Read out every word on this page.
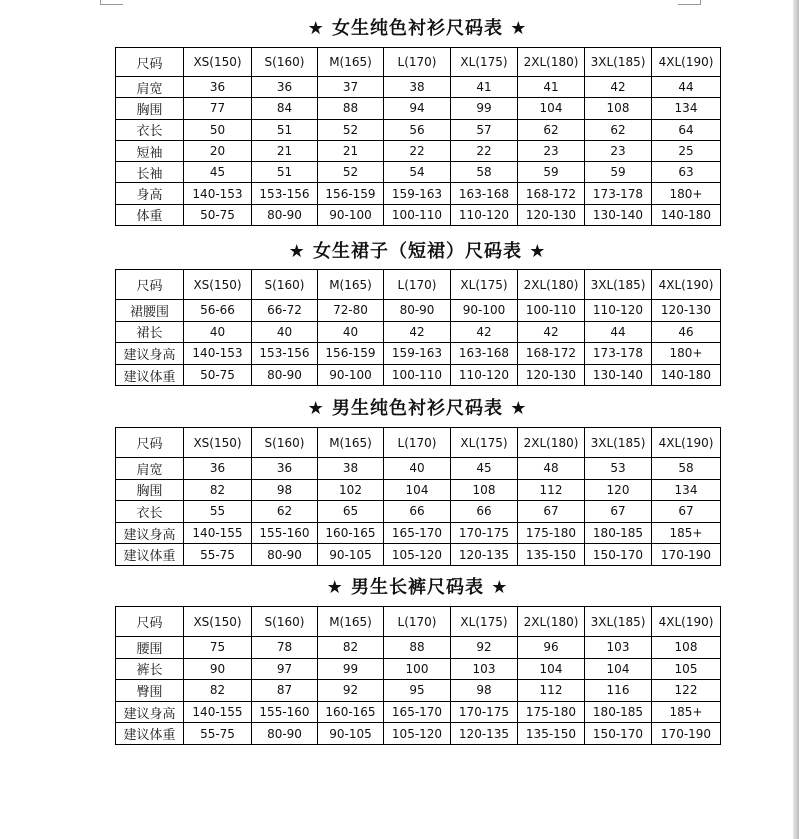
★ 女生纯色衬衫尺码表 ★
尺码	XS(150)	S(160)	M(165)	L(170)	XL(175)	2XL(180)	3XL(185)	4XL(190)
肩宽	36	36	37	38	41	41	42	44
胸围	77	84	88	94	99	104	108	134
衣长	50	51	52	56	57	62	62	64
短袖	20	21	21	22	22	23	23	25
长袖	45	51	52	54	58	59	59	63
身高	140-153	153-156	156-159	159-163	163-168	168-172	173-178	180+
体重	50-75	80-90	90-100	100-110	110-120	120-130	130-140	140-180
★ 女生裙子（短裙）尺码表 ★
尺码	XS(150)	S(160)	M(165)	L(170)	XL(175)	2XL(180)	3XL(185)	4XL(190)
裙腰围	56-66	66-72	72-80	80-90	90-100	100-110	110-120	120-130
裙长	40	40	40	42	42	42	44	46
建议身高	140-153	153-156	156-159	159-163	163-168	168-172	173-178	180+
建议体重	50-75	80-90	90-100	100-110	110-120	120-130	130-140	140-180
★ 男生纯色衬衫尺码表 ★
尺码	XS(150)	S(160)	M(165)	L(170)	XL(175)	2XL(180)	3XL(185)	4XL(190)
肩宽	36	36	38	40	45	48	53	58
胸围	82	98	102	104	108	112	120	134
衣长	55	62	65	66	66	67	67	67
建议身高	140-155	155-160	160-165	165-170	170-175	175-180	180-185	185+
建议体重	55-75	80-90	90-105	105-120	120-135	135-150	150-170	170-190
★ 男生长裤尺码表 ★
尺码	XS(150)	S(160)	M(165)	L(170)	XL(175)	2XL(180)	3XL(185)	4XL(190)
腰围	75	78	82	88	92	96	103	108
裤长	90	97	99	100	103	104	104	105
臀围	82	87	92	95	98	112	116	122
建议身高	140-155	155-160	160-165	165-170	170-175	175-180	180-185	185+
建议体重	55-75	80-90	90-105	105-120	120-135	135-150	150-170	170-190
